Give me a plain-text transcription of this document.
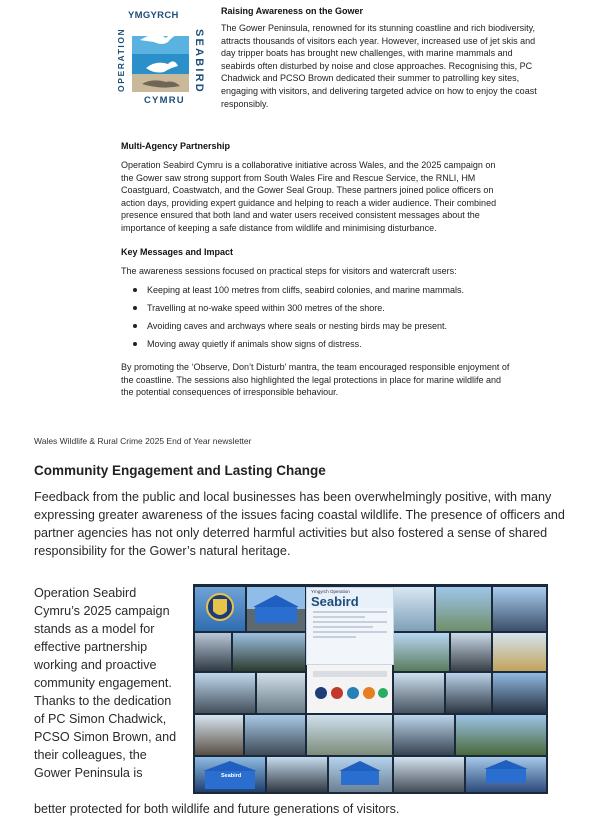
YMGYRCH
OPERATION	SEABIRD
CYMRU
Raising Awareness on the Gower
The Gower Peninsula, renowned for its stunning coastline and rich biodiversity, attracts thousands of visitors each year. However, increased use of jet skis and day tripper boats has brought new challenges, with marine mammals and seabirds often disturbed by noise and close approaches. Recognising this, PC Chadwick and PCSO Brown dedicated their summer to patrolling key sites, engaging with visitors, and delivering targeted advice on how to enjoy the coast responsibly.
Multi-Agency Partnership
Operation Seabird Cymru is a collaborative initiative across Wales, and the 2025 campaign on the Gower saw strong support from South Wales Fire and Rescue Service, the RNLI, HM Coastguard, Coastwatch, and the Gower Seal Group. These partners joined police officers on action days, providing expert guidance and helping to reach a wider audience. Their combined presence ensured that both land and water users received consistent messages about the importance of keeping a safe distance from wildlife and minimising disturbance.
Key Messages and Impact
The awareness sessions focused on practical steps for visitors and watercraft users:
Keeping at least 100 metres from cliffs, seabird colonies, and marine mammals.
Travelling at no-wake speed within 300 metres of the shore.
Avoiding caves and archways where seals or nesting birds may be present.
Moving away quietly if animals show signs of distress.
By promoting the ‘Observe, Don’t Disturb’ mantra, the team encouraged responsible enjoyment of the coastline. The sessions also highlighted the legal protections in place for marine wildlife and the potential consequences of irresponsible behaviour.
Wales Wildlife & Rural Crime 2025 End of Year newsletter
Community Engagement and Lasting Change
Feedback from the public and local businesses has been overwhelmingly positive, with many expressing greater awareness of the issues facing coastal wildlife. The presence of officers and partner agencies has not only deterred harmful activities but also fostered a sense of shared responsibility for the Gower’s natural heritage.
Operation Seabird Cymru’s 2025 campaign stands as a model for effective partnership working and proactive community engagement. Thanks to the dedication of PC Simon Chadwick, PCSO Simon Brown, and their colleagues, the Gower Peninsula is
Ymgyrch Operation
Seabird
Seabird
better protected for both wildlife and future generations of visitors.
